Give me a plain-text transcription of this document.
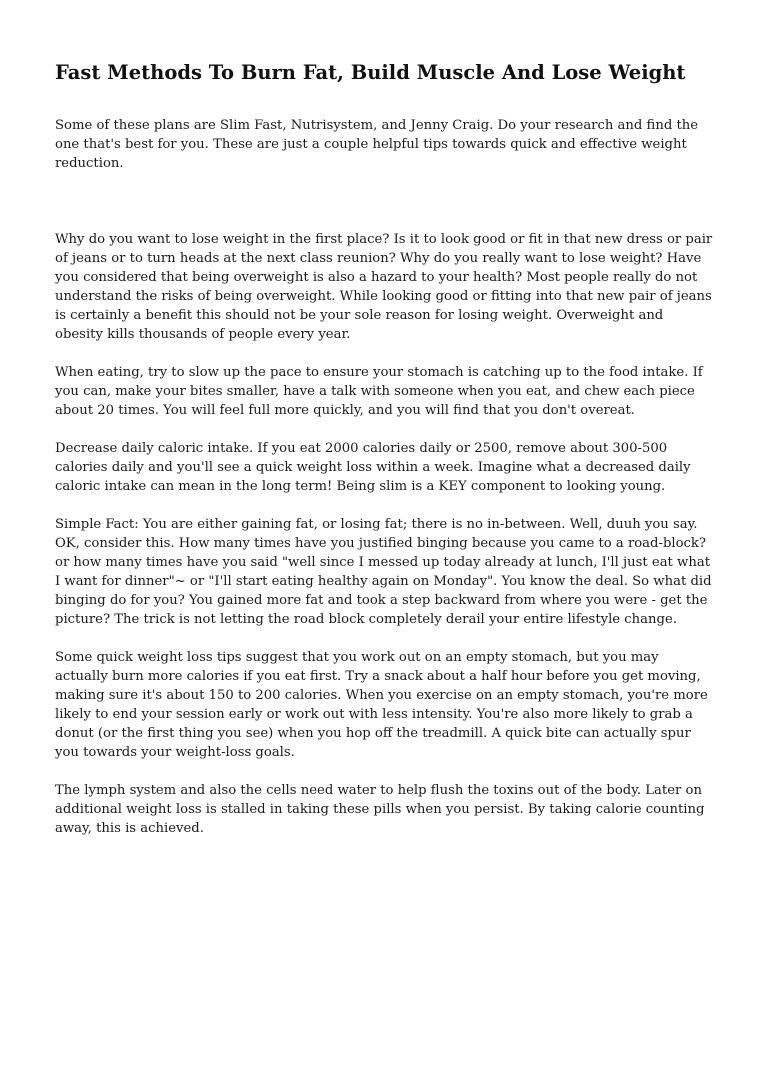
Fast Methods To Burn Fat, Build Muscle And Lose Weight

Some of these plans are Slim Fast, Nutrisystem, and Jenny Craig. Do your research and find the one that's best for you. These are just a couple helpful tips towards quick and effective weight reduction.

Why do you want to lose weight in the first place? Is it to look good or fit in that new dress or pair of jeans or to turn heads at the next class reunion? Why do you really want to lose weight? Have you considered that being overweight is also a hazard to your health? Most people really do not understand the risks of being overweight. While looking good or fitting into that new pair of jeans is certainly a benefit this should not be your sole reason for losing weight. Overweight and obesity kills thousands of people every year.

When eating, try to slow up the pace to ensure your stomach is catching up to the food intake. If you can, make your bites smaller, have a talk with someone when you eat, and chew each piece about 20 times. You will feel full more quickly, and you will find that you don't overeat.

Decrease daily caloric intake. If you eat 2000 calories daily or 2500, remove about 300-500 calories daily and you'll see a quick weight loss within a week. Imagine what a decreased daily caloric intake can mean in the long term! Being slim is a KEY component to looking young.

Simple Fact: You are either gaining fat, or losing fat; there is no in-between. Well, duuh you say. OK, consider this. How many times have you justified binging because you came to a road-block? or how many times have you said "well since I messed up today already at lunch, I'll just eat what I want for dinner"~ or "I'll start eating healthy again on Monday". You know the deal. So what did binging do for you? You gained more fat and took a step backward from where you were - get the picture? The trick is not letting the road block completely derail your entire lifestyle change.

Some quick weight loss tips suggest that you work out on an empty stomach, but you may actually burn more calories if you eat first. Try a snack about a half hour before you get moving, making sure it's about 150 to 200 calories. When you exercise on an empty stomach, you're more likely to end your session early or work out with less intensity. You're also more likely to grab a donut (or the first thing you see) when you hop off the treadmill. A quick bite can actually spur you towards your weight-loss goals.

The lymph system and also the cells need water to help flush the toxins out of the body. Later on additional weight loss is stalled in taking these pills when you persist. By taking calorie counting away, this is achieved.
